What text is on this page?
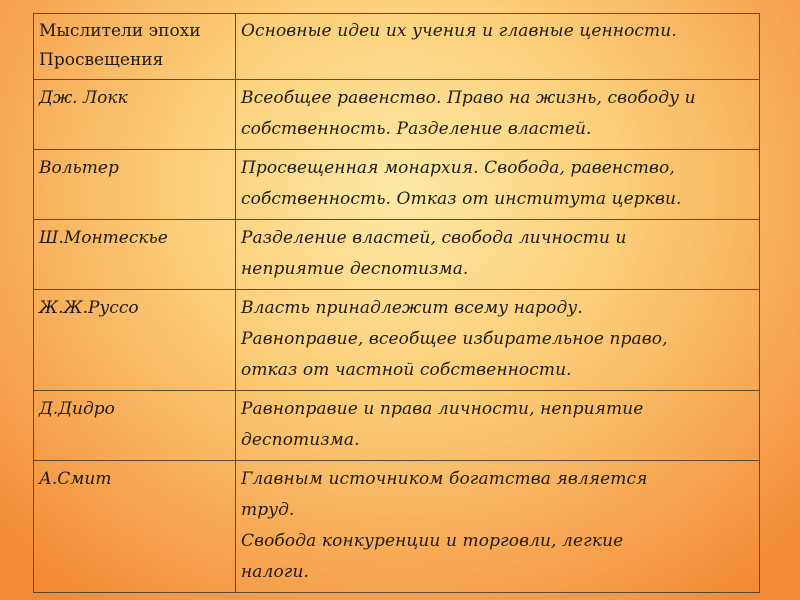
Мыслители эпохи
Просвещения	Основные идеи их учения и главные ценности.

Дж. Локк	Всеобщее равенство. Право на жизнь, свободу и
собственность. Разделение властей.

Вольтер	Просвещенная монархия. Свобода, равенство,
собственность. Отказ от института церкви.

Ш.Монтескье	Разделение властей, свобода личности и
неприятие деспотизма.

Ж.Ж.Руссо	Власть принадлежит всему народу.
Равноправие, всеобщее избирательное право,
отказ от частной собственности.

Д.Дидро	Равноправие и права личности, неприятие
деспотизма.

А.Смит	Главным источником богатства является
труд.
Свобода конкуренции и торговли, легкие
налоги.
